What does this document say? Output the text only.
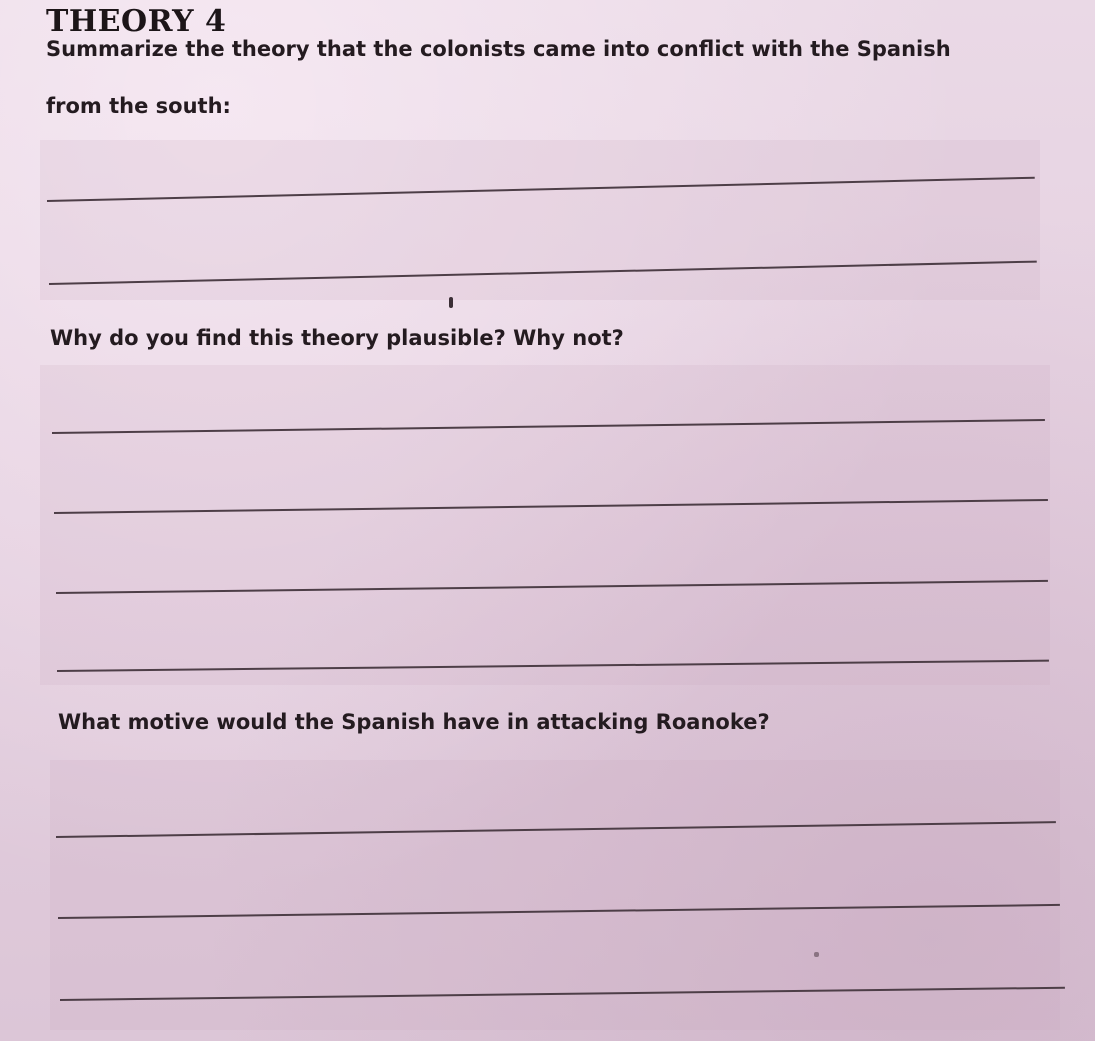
THEORY 4
Summarize the theory that the colonists came into conflict with the Spanish
from the south:
Why do you find this theory plausible? Why not?
What motive would the Spanish have in attacking Roanoke?
